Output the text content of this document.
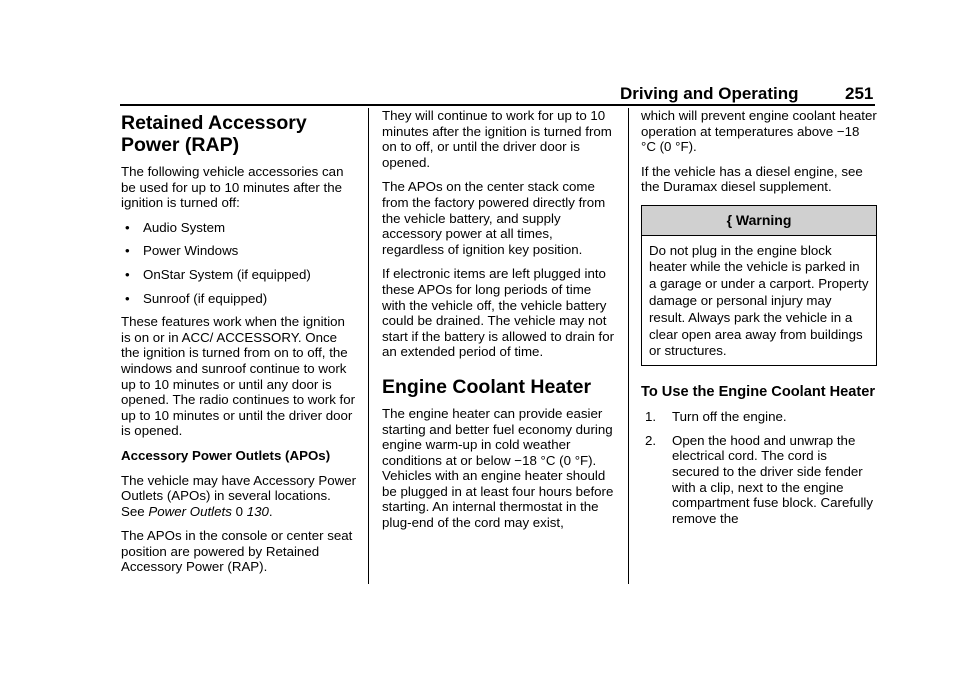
Driving and Operating	251
Retained Accessory Power (RAP)

The following vehicle accessories can be used for up to 10 minutes after the ignition is turned off:

• Audio System
• Power Windows
• OnStar System (if equipped)
• Sunroof (if equipped)

These features work when the ignition is on or in ACC/ ACCESSORY. Once the ignition is turned from on to off, the windows and sunroof continue to work up to 10 minutes or until any door is opened. The radio continues to work for up to 10 minutes or until the driver door is opened.

Accessory Power Outlets (APOs)

The vehicle may have Accessory Power Outlets (APOs) in several locations. See Power Outlets 0 130.

The APOs in the console or center seat position are powered by Retained Accessory Power (RAP).

They will continue to work for up to 10 minutes after the ignition is turned from on to off, or until the driver door is opened.

The APOs on the center stack come from the factory powered directly from the vehicle battery, and supply accessory power at all times, regardless of ignition key position.

If electronic items are left plugged into these APOs for long periods of time with the vehicle off, the vehicle battery could be drained. The vehicle may not start if the battery is allowed to drain for an extended period of time.

Engine Coolant Heater

The engine heater can provide easier starting and better fuel economy during engine warm-up in cold weather conditions at or below −18 °C (0 °F). Vehicles with an engine heater should be plugged in at least four hours before starting. An internal thermostat in the plug-end of the cord may exist,

which will prevent engine coolant heater operation at temperatures above −18 °C (0 °F).

If the vehicle has a diesel engine, see the Duramax diesel supplement.

{ Warning
Do not plug in the engine block heater while the vehicle is parked in a garage or under a carport. Property damage or personal injury may result. Always park the vehicle in a clear open area away from buildings or structures.
To Use the Engine Coolant Heater
1. Turn off the engine.
2. Open the hood and unwrap the electrical cord. The cord is secured to the driver side fender with a clip, next to the engine compartment fuse block. Carefully remove the
